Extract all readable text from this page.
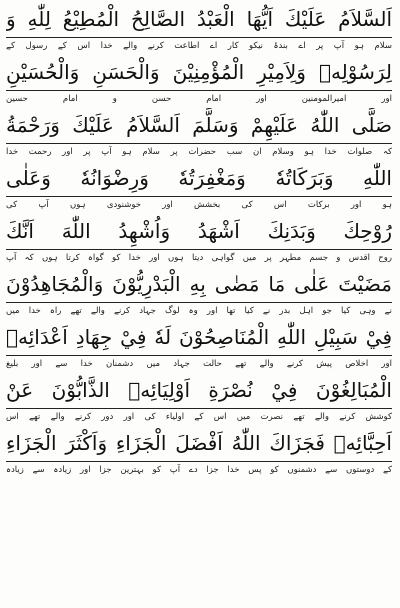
اَلسَّلاَمُ عَلَيْكَ اَيُّهَا الْعَبْدُ الصَّالِحُ الْمُطِيْعُ لِلّٰهِ وَ
سلام ہو آپ پر اے بندۂ نیکو کار اے اطاعت کرنے والے خدا اس کے رسول کے
لِرَسُوْلِهٖ وَلِاَمِيْرِ الْمُؤْمِنِيْنَ وَالْحَسَنِ وَالْحُسَيْنِ
اور امیرالمومنین اور امام حسن و امام حسین
صَلَّى اللّٰهُ عَلَيْهِمْ وَسَلَّمَ اَلسَّلاَمُ عَلَيْكَ وَرَحْمَةُ
کہ صلوات خدا ہو وسلام ان سب حضرات پر سلام ہو آپ پر اور رحمت خدا
اللّٰهِ وَبَرَكَاتُهٗ وَمَغْفِرَتُهٗ وَرِضْوَانُهٗ وَعَلٰى
ہو اور برکات اس کی بخشش اور خوشنودی ہوں آپ کی
رُوْحِكَ وَبَدَنِكَ اَشْهَدُ وَاُشْهِدُ اللّٰهَ اَنَّكَ
روح اقدس و جسم مطہر پر میں گواہی دیتا ہوں اور خدا کو گواہ کرتا ہوں کہ آپ
مَضَيْتَ عَلٰى مَا مَضٰى بِهِ الْبَدْرِيُّوْنَ وَالْمُجَاهِدُوْنَ
نے وہی کیا جو اہل بدر نے کیا تھا اور وہ لوگ جہاد کرنے والے تھے راہ خدا میں
فِيْ سَبِيْلِ اللّٰهِ الْمُنَاصِحُوْنَ لَهٗ فِيْ جِهَادِ اَعْدَائِهٖ
اور اخلاص پیش کرنے والے تھے حالت جہاد میں دشمنان خدا سے اور بلیغ
الْمُبَالِغُوْنَ فِيْ نُصْرَةِ اَوْلِيَائِهٖ الذَّابُّوْنَ عَنْ
کوشش کرنے والے تھے نصرت میں اس کے اولیاء کی اور دور کرنے والے تھے اس
اَحِبَّائِهٖ فَجَزَاكَ اللّٰهُ اَفْضَلَ الْجَزَاءِ وَاَكْثَرَ الْجَزَاءِ
کے دوستوں سے دشمنوں کو پس خدا جزا دے آپ کو بہترین جزا اور زیادہ سے زیادہ
